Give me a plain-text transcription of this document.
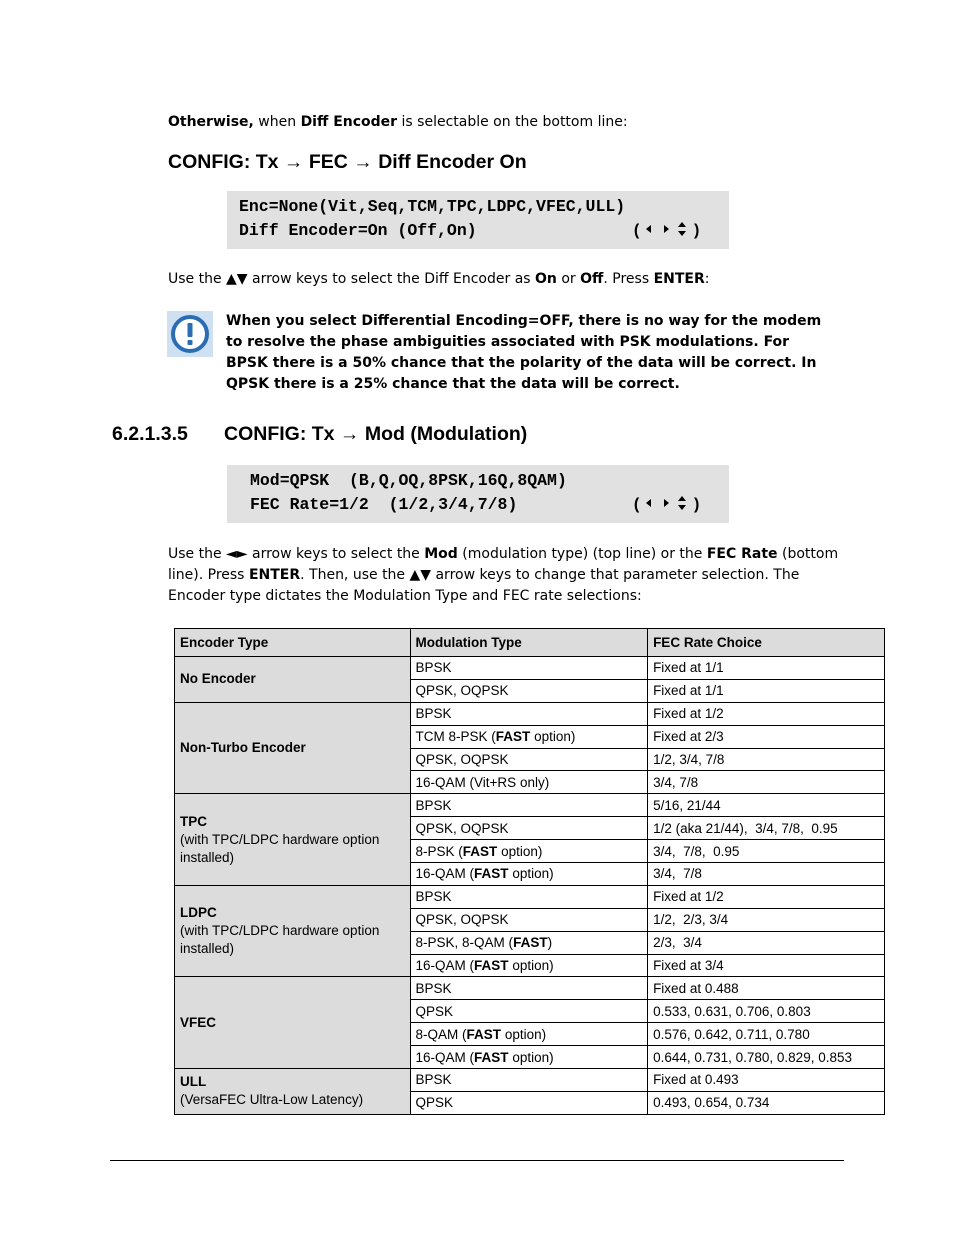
Otherwise, when Diff Encoder is selectable on the bottom line:
CONFIG: Tx → FEC → Diff Encoder On
Enc=None(Vit,Seq,TCM,TPC,LDPC,VFEC,ULL)
Diff Encoder=On (Off,On)	(	)
Use the ▲▼ arrow keys to select the Diff Encoder as On or Off. Press ENTER:
When you select Differential Encoding=OFF, there is no way for the modem to resolve the phase ambiguities associated with PSK modulations. For BPSK there is a 50% chance that the polarity of the data will be correct. In QPSK there is a 25% chance that the data will be correct.
6.2.1.3.5 CONFIG: Tx → Mod (Modulation)
Mod=QPSK  (B,Q,OQ,8PSK,16Q,8QAM)
FEC Rate=1/2  (1/2,3/4,7/8)	(	)
Use the ◄► arrow keys to select the Mod (modulation type) (top line) or the FEC Rate (bottom line). Press ENTER. Then, use the ▲▼ arrow keys to change that parameter selection. The Encoder type dictates the Modulation Type and FEC rate selections:
Encoder Type	Modulation Type	FEC Rate Choice

No Encoder	BPSK	Fixed at 1/1
	QPSK, OQPSK	Fixed at 1/1

Non-Turbo Encoder	BPSK	Fixed at 1/2
	TCM 8-PSK (FAST option)	Fixed at 2/3
	QPSK, OQPSK	1/2, 3/4, 7/8
	16-QAM (Vit+RS only)	3/4, 7/8

TPC
(with TPC/LDPC hardware option installed)	BPSK	5/16, 21/44
	QPSK, OQPSK	1/2 (aka 21/44),  3/4, 7/8,  0.95
	8-PSK (FAST option)	3/4,  7/8,  0.95
	16-QAM (FAST option)	3/4,  7/8

LDPC
(with TPC/LDPC hardware option installed)	BPSK	Fixed at 1/2
	QPSK, OQPSK	1/2,  2/3, 3/4
	8-PSK, 8-QAM (FAST)	2/3,  3/4
	16-QAM (FAST option)	Fixed at 3/4

VFEC	BPSK	Fixed at 0.488
	QPSK	0.533, 0.631, 0.706, 0.803
	8-QAM (FAST option)	0.576, 0.642, 0.711, 0.780
	16-QAM (FAST option)	0.644, 0.731, 0.780, 0.829, 0.853

ULL
(VersaFEC Ultra-Low Latency)	BPSK	Fixed at 0.493
	QPSK	0.493, 0.654, 0.734
